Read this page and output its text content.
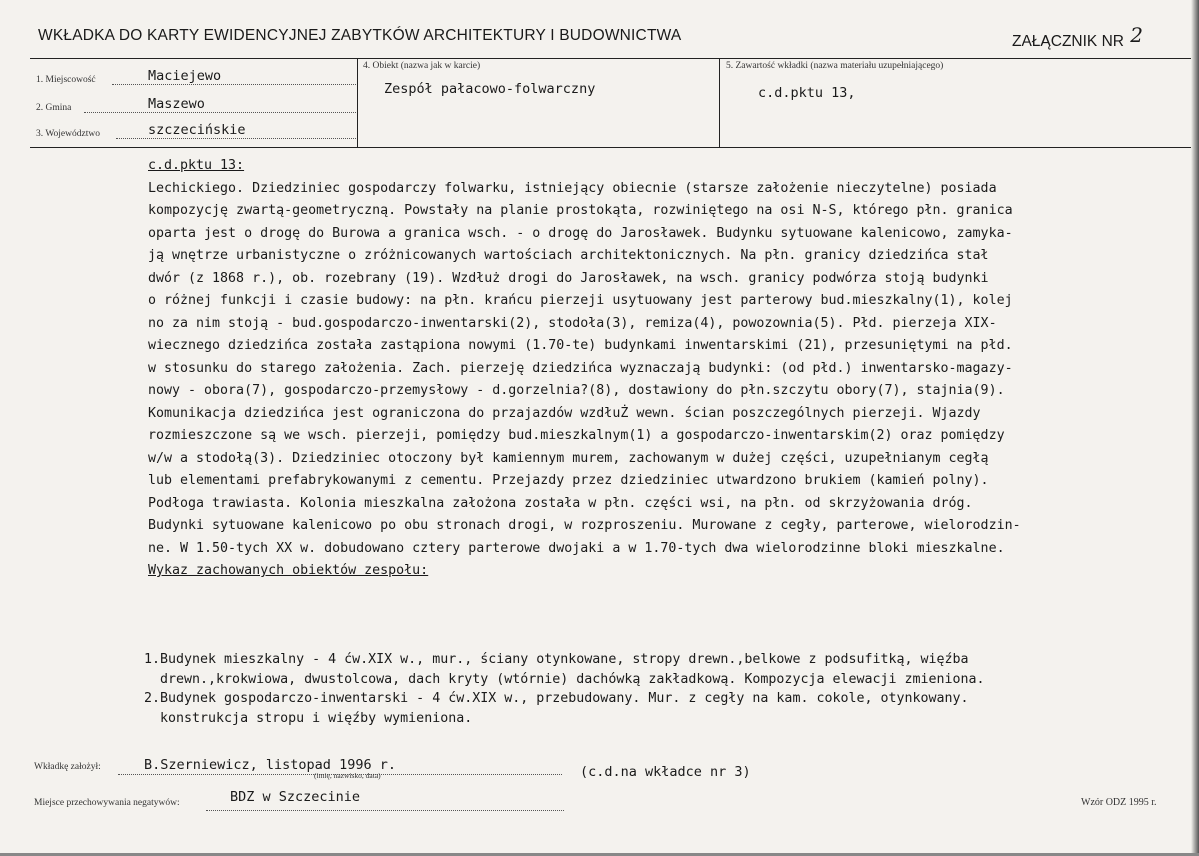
WKŁADKA DO KARTY EWIDENCYJNEJ ZABYTKÓW ARCHITEKTURY I BUDOWNICTWA	ZAŁĄCZNIK NR 2
1. Miejscowość	Maciejewo
2. Gmina	Maszewo
3. Województwo	szczecińskie
4. Obiekt (nazwa jak w karcie)
Zespół pałacowo-folwarczny
5. Zawartość wkładki (nazwa materiału uzupełniającego)
c.d.pktu 13,
c.d.pktu 13:
Lechickiego. Dziedziniec gospodarczy folwarku, istniejący obiecnie (starsze założenie nieczytelne) posiada
kompozycję zwartą-geometryczną. Powstały na planie prostokąta, rozwiniętego na osi N-S, którego płn. granica
oparta jest o drogę do Burowa a granica wsch. - o drogę do Jarosławek. Budynku sytuowane kalenicowo, zamyka-
ją wnętrze urbanistyczne o zróżnicowanych wartościach architektonicznych. Na płn. granicy dziedzińca stał
dwór (z 1868 r.), ob. rozebrany (19). Wzdłuż drogi do Jarosławek, na wsch. granicy podwórza stoją budynki
o różnej funkcji i czasie budowy: na płn. krańcu pierzeji usytuowany jest parterowy bud.mieszkalny(1), kolej
no za nim stoją - bud.gospodarczo-inwentarski(2), stodoła(3), remiza(4), powozownia(5). Płd. pierzeja XIX-
wiecznego dziedzińca została zastąpiona nowymi (1.70-te) budynkami inwentarskimi (21), przesuniętymi na płd.
w stosunku do starego założenia. Zach. pierzeję dziedzińca wyznaczają budynki: (od płd.) inwentarsko-magazy-
nowy - obora(7), gospodarczo-przemysłowy - d.gorzelnia?(8), dostawiony do płn.szczytu obory(7), stajnia(9).
Komunikacja dziedzińca jest ograniczona do przajazdów wzdłuŻ wewn. ścian poszczególnych pierzeji. Wjazdy
rozmieszczone są we wsch. pierzeji, pomiędzy bud.mieszkalnym(1) a gospodarczo-inwentarskim(2) oraz pomiędzy
w/w a stodołą(3). Dziedziniec otoczony był kamiennym murem, zachowanym w dużej części, uzupełnianym cegłą
lub elementami prefabrykowanymi z cementu. Przejazdy przez dziedziniec utwardzono brukiem (kamień polny).
Podłoga trawiasta. Kolonia mieszkalna założona została w płn. części wsi, na płn. od skrzyżowania dróg.
Budynki sytuowane kalenicowo po obu stronach drogi, w rozproszeniu. Murowane z cegły, parterowe, wielorodzin-
ne. W 1.50-tych XX w. dobudowano cztery parterowe dwojaki a w 1.70-tych dwa wielorodzinne bloki mieszkalne.
Wykaz zachowanych obiektów zespołu:
1.Budynek mieszkalny - 4 ćw.XIX w., mur., ściany otynkowane, stropy drewn.,belkowe z podsufitką, więźba
drewn.,krokwiowa, dwustolcowa, dach kryty (wtórnie) dachówką zakładkową. Kompozycja elewacji zmieniona.
2.Budynek gospodarczo-inwentarski - 4 ćw.XIX w., przebudowany. Mur. z cegły na kam. cokole, otynkowany.
konstrukcja stropu i więźby wymieniona.
Wkładkę założył:	B.Szerniewicz, listopad 1996 r.
(imię, nazwisko, data)	(c.d.na wkładce nr 3)
Miejsce przechowywania negatywów:	BDZ w Szczecinie	Wzór ODZ 1995 r.
